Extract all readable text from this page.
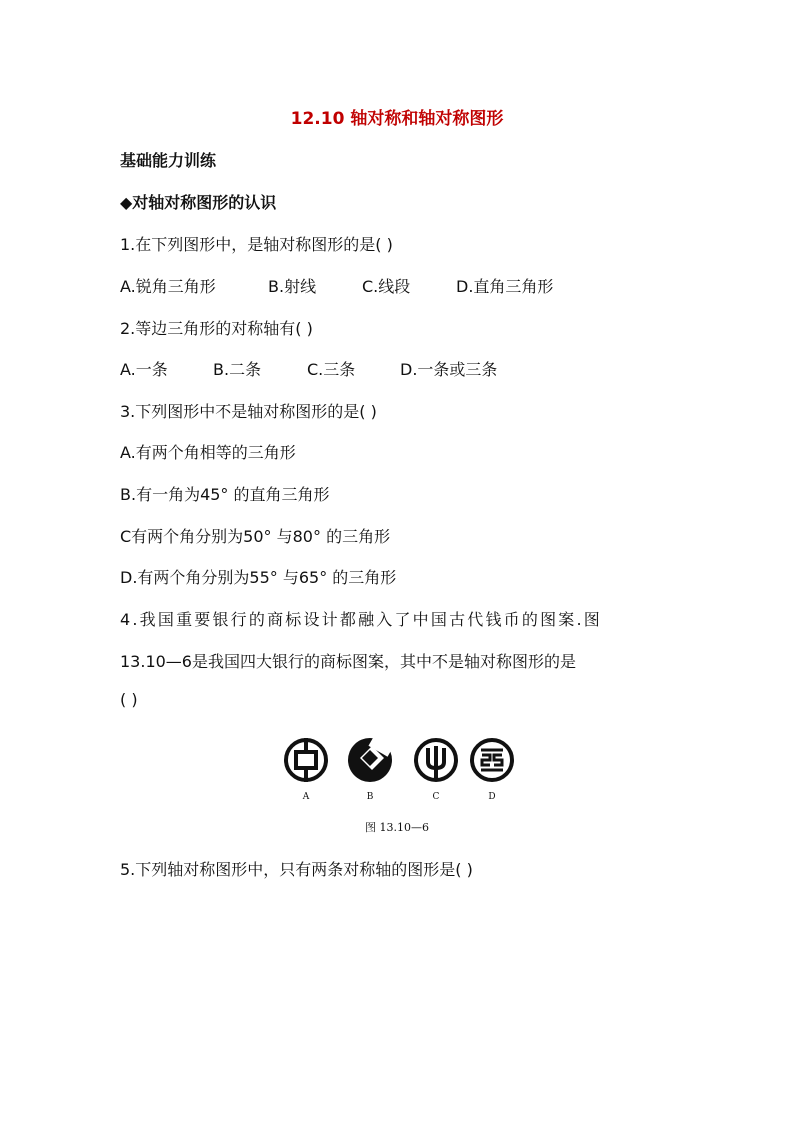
12.10 轴对称和轴对称图形
基础能力训练
◆对轴对称图形的认识
1.在下列图形中，是轴对称图形的是( )
A.锐角三角形	B.射线	C.线段	D.直角三角形
2.等边三角形的对称轴有( )
A.一条	B.二条	C.三条	D.一条或三条
3.下列图形中不是轴对称图形的是( )
A.有两个角相等的三角形
B.有一角为45° 的直角三角形
C有两个角分别为50° 与80° 的三角形
D.有两个角分别为55° 与65° 的三角形
4.我国重要银行的商标设计都融入了中国古代钱币的图案.图
13.10—6是我国四大银行的商标图案，其中不是轴对称图形的是
( )
A	B	C	D
图 13.10—6
5.下列轴对称图形中，只有两条对称轴的图形是( )
